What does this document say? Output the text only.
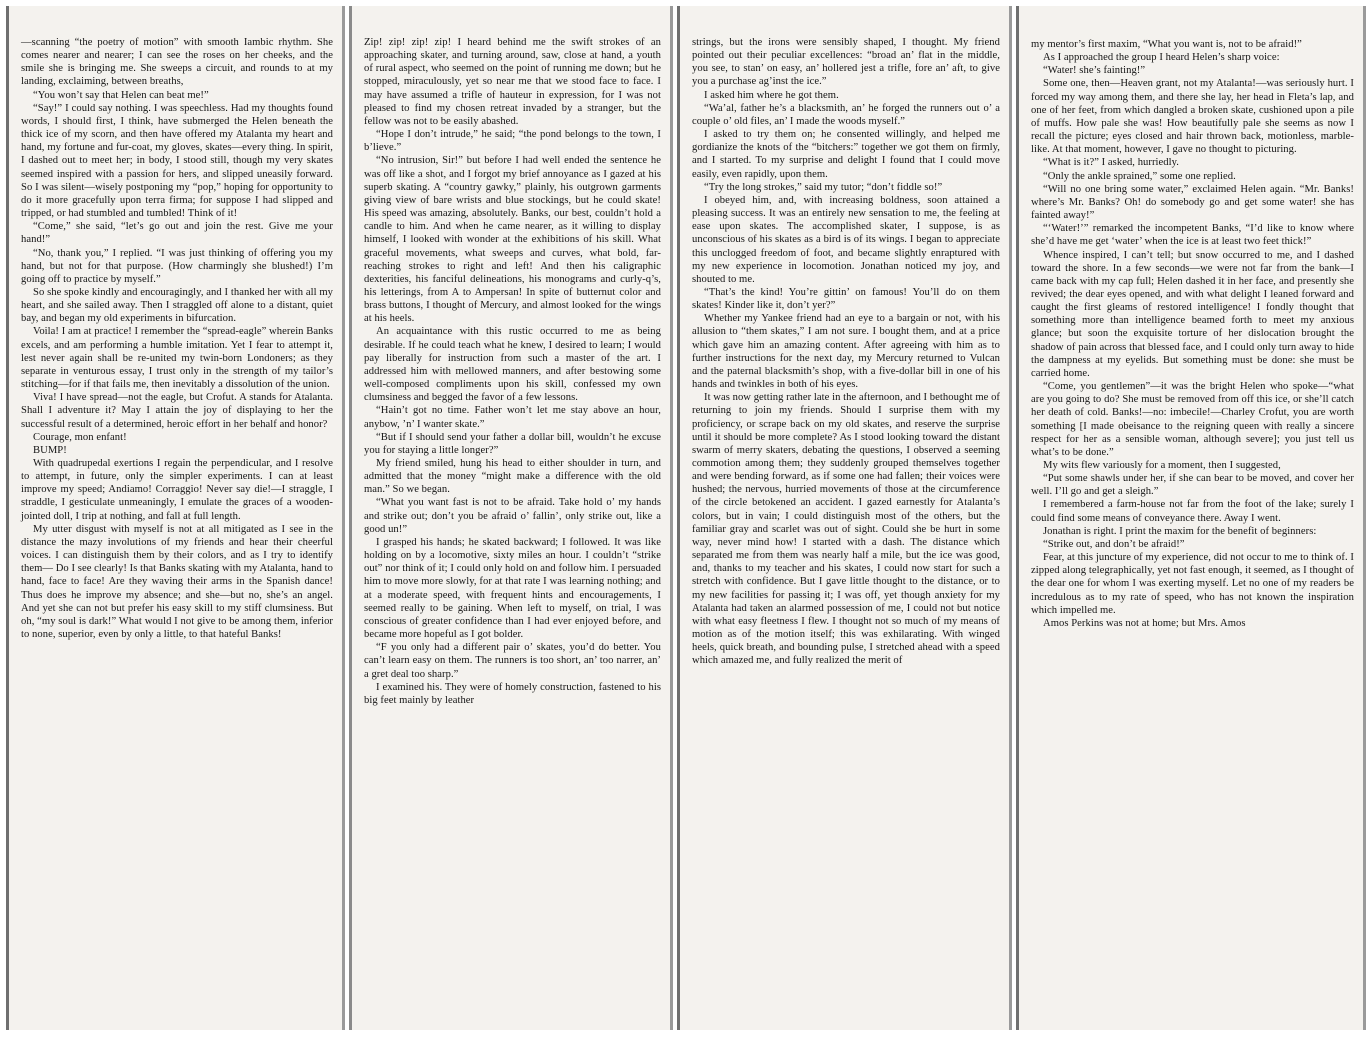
—scanning “the poetry of motion” with smooth Iambic rhythm. She comes nearer and nearer; I can see the roses on her cheeks, and the smile she is bringing me. She sweeps a circuit, and rounds to at my landing, exclaiming, between breaths,

“You won’t say that Helen can beat me!”

“Say!” I could say nothing. I was speechless. Had my thoughts found words, I should first, I think, have submerged the Helen beneath the thick ice of my scorn, and then have offered my Atalanta my heart and hand, my fortune and fur-coat, my gloves, skates—every thing. In spirit, I dashed out to meet her; in body, I stood still, though my very skates seemed inspired with a passion for hers, and slipped uneasily forward. So I was silent—wisely postponing my “pop,” hoping for opportunity to do it more gracefully upon terra firma; for suppose I had slipped and tripped, or had stumbled and tumbled! Think of it!

“Come,” she said, “let’s go out and join the rest. Give me your hand!”

“No, thank you,” I replied. “I was just thinking of offering you my hand, but not for that purpose. (How charmingly she blushed!) I’m going off to practice by myself.”

So she spoke kindly and encouragingly, and I thanked her with all my heart, and she sailed away. Then I straggled off alone to a distant, quiet bay, and began my old experiments in bifurcation.

Voila! I am at practice! I remember the “spread-eagle” wherein Banks excels, and am performing a humble imitation. Yet I fear to attempt it, lest never again shall be re-united my twin-born Londoners; as they separate in venturous essay, I trust only in the strength of my tailor’s stitching—for if that fails me, then inevitably a dissolution of the union.

Viva! I have spread—not the eagle, but Crofut. A stands for Atalanta. Shall I adventure it? May I attain the joy of displaying to her the successful result of a determined, heroic effort in her behalf and honor?

Courage, mon enfant!

BUMP!

With quadrupedal exertions I regain the perpendicular, and I resolve to attempt, in future, only the simpler experiments. I can at least improve my speed; Andiamo! Corraggio! Never say die!—I straggle, I straddle, I gesticulate unmeaningly, I emulate the graces of a wooden-jointed doll, I trip at nothing, and fall at full length.

My utter disgust with myself is not at all mitigated as I see in the distance the mazy involutions of my friends and hear their cheerful voices. I can distinguish them by their colors, and as I try to identify them— Do I see clearly! Is that Banks skating with my Atalanta, hand to hand, face to face! Are they waving their arms in the Spanish dance! Thus does he improve my absence; and she—but no, she’s an angel. And yet she can not but prefer his easy skill to my stiff clumsiness. But oh, “my soul is dark!” What would I not give to be among them, inferior to none, superior, even by only a little, to that hateful Banks!

Zip! zip! zip! zip! I heard behind me the swift strokes of an approaching skater, and turning around, saw, close at hand, a youth of rural aspect, who seemed on the point of running me down; but he stopped, miraculously, yet so near me that we stood face to face. I may have assumed a trifle of hauteur in expression, for I was not pleased to find my chosen retreat invaded by a stranger, but the fellow was not to be easily abashed.

“Hope I don’t intrude,” he said; “the pond belongs to the town, I b’lieve.”

“No intrusion, Sir!” but before I had well ended the sentence he was off like a shot, and I forgot my brief annoyance as I gazed at his superb skating. A “country gawky,” plainly, his outgrown garments giving view of bare wrists and blue stockings, but he could skate! His speed was amazing, absolutely. Banks, our best, couldn’t hold a candle to him. And when he came nearer, as it willing to display himself, I looked with wonder at the exhibitions of his skill. What graceful movements, what sweeps and curves, what bold, far-reaching strokes to right and left! And then his caligraphic dexterities, his fanciful delineations, his monograms and curly-q’s, his letterings, from A to Ampersan! In spite of butternut color and brass buttons, I thought of Mercury, and almost looked for the wings at his heels.

An acquaintance with this rustic occurred to me as being desirable. If he could teach what he knew, I desired to learn; I would pay liberally for instruction from such a master of the art. I addressed him with mellowed manners, and after bestowing some well-composed compliments upon his skill, confessed my own clumsiness and begged the favor of a few lessons.

“Hain’t got no time. Father won’t let me stay above an hour, anybow, ’n’ I wanter skate.”

“But if I should send your father a dollar bill, wouldn’t he excuse you for staying a little longer?”

My friend smiled, hung his head to either shoulder in turn, and admitted that the money “might make a difference with the old man.” So we began.

“What you want fast is not to be afraid. Take hold o’ my hands and strike out; don’t you be afraid o’ fallin’, only strike out, like a good un!”

I grasped his hands; he skated backward; I followed. It was like holding on by a locomotive, sixty miles an hour. I couldn’t “strike out” nor think of it; I could only hold on and follow him. I persuaded him to move more slowly, for at that rate I was learning nothing; and at a moderate speed, with frequent hints and encouragements, I seemed really to be gaining. When left to myself, on trial, I was conscious of greater confidence than I had ever enjoyed before, and became more hopeful as I got bolder.

“F you only had a different pair o’ skates, you’d do better. You can’t learn easy on them. The runners is too short, an’ too narrer, an’ a gret deal too sharp.”

I examined his. They were of homely construction, fastened to his big feet mainly by leather

strings, but the irons were sensibly shaped, I thought. My friend pointed out their peculiar excellences: “broad an’ flat in the middle, you see, to stan’ on easy, an’ hollered jest a trifle, fore an’ aft, to give you a purchase ag’inst the ice.”

I asked him where he got them.

“Wa’al, father he’s a blacksmith, an’ he forged the runners out o’ a couple o’ old files, an’ I made the woods myself.”

I asked to try them on; he consented willingly, and helped me gordianize the knots of the “bitchers:” together we got them on firmly, and I started. To my surprise and delight I found that I could move easily, even rapidly, upon them.

“Try the long strokes,” said my tutor; “don’t fiddle so!”

I obeyed him, and, with increasing boldness, soon attained a pleasing success. It was an entirely new sensation to me, the feeling at ease upon skates. The accomplished skater, I suppose, is as unconscious of his skates as a bird is of its wings. I began to appreciate this unclogged freedom of foot, and became slightly enraptured with my new experience in locomotion. Jonathan noticed my joy, and shouted to me.

“That’s the kind! You’re gittin’ on famous! You’ll do on them skates! Kinder like it, don’t yer?”

Whether my Yankee friend had an eye to a bargain or not, with his allusion to “them skates,” I am not sure. I bought them, and at a price which gave him an amazing content. After agreeing with him as to further instructions for the next day, my Mercury returned to Vulcan and the paternal blacksmith’s shop, with a five-dollar bill in one of his hands and twinkles in both of his eyes.

It was now getting rather late in the afternoon, and I bethought me of returning to join my friends. Should I surprise them with my proficiency, or scrape back on my old skates, and reserve the surprise until it should be more complete? As I stood looking toward the distant swarm of merry skaters, debating the questions, I observed a seeming commotion among them; they suddenly grouped themselves together and were bending forward, as if some one had fallen; their voices were hushed; the nervous, hurried movements of those at the circumference of the circle betokened an accident. I gazed earnestly for Atalanta’s colors, but in vain; I could distinguish most of the others, but the familiar gray and scarlet was out of sight. Could she be hurt in some way, never mind how! I started with a dash. The distance which separated me from them was nearly half a mile, but the ice was good, and, thanks to my teacher and his skates, I could now start for such a stretch with confidence. But I gave little thought to the distance, or to my new facilities for passing it; I was off, yet though anxiety for my Atalanta had taken an alarmed possession of me, I could not but notice with what easy fleetness I flew. I thought not so much of my means of motion as of the motion itself; this was exhilarating. With winged heels, quick breath, and bounding pulse, I stretched ahead with a speed which amazed me, and fully realized the merit of

my mentor’s first maxim, “What you want is, not to be afraid!”

As I approached the group I heard Helen’s sharp voice:

“Water! she’s fainting!”

Some one, then—Heaven grant, not my Atalanta!—was seriously hurt. I forced my way among them, and there she lay, her head in Fleta’s lap, and one of her feet, from which dangled a broken skate, cushioned upon a pile of muffs. How pale she was! How beautifully pale she seems as now I recall the picture; eyes closed and hair thrown back, motionless, marble-like. At that moment, however, I gave no thought to picturing.

“What is it?” I asked, hurriedly.

“Only the ankle sprained,” some one replied.

“Will no one bring some water,” exclaimed Helen again. “Mr. Banks! where’s Mr. Banks? Oh! do somebody go and get some water! she has fainted away!”

“‘Water!’” remarked the incompetent Banks, “I’d like to know where she’d have me get ‘water’ when the ice is at least two feet thick!”

Whence inspired, I can’t tell; but snow occurred to me, and I dashed toward the shore. In a few seconds—we were not far from the bank—I came back with my cap full; Helen dashed it in her face, and presently she revived; the dear eyes opened, and with what delight I leaned forward and caught the first gleams of restored intelligence! I fondly thought that something more than intelligence beamed forth to meet my anxious glance; but soon the exquisite torture of her dislocation brought the shadow of pain across that blessed face, and I could only turn away to hide the dampness at my eyelids. But something must be done: she must be carried home.

“Come, you gentlemen”—it was the bright Helen who spoke—“what are you going to do? She must be removed from off this ice, or she’ll catch her death of cold. Banks!—no: imbecile!—Charley Crofut, you are worth something [I made obeisance to the reigning queen with really a sincere respect for her as a sensible woman, although severe]; you just tell us what’s to be done.”

My wits flew variously for a moment, then I suggested,

“Put some shawls under her, if she can bear to be moved, and cover her well. I’ll go and get a sleigh.”

I remembered a farm-house not far from the foot of the lake; surely I could find some means of conveyance there. Away I went.

Jonathan is right. I print the maxim for the benefit of beginners:

“Strike out, and don’t be afraid!”

Fear, at this juncture of my experience, did not occur to me to think of. I zipped along telegraphically, yet not fast enough, it seemed, as I thought of the dear one for whom I was exerting myself. Let no one of my readers be incredulous as to my rate of speed, who has not known the inspiration which impelled me.

Amos Perkins was not at home; but Mrs. Amos
